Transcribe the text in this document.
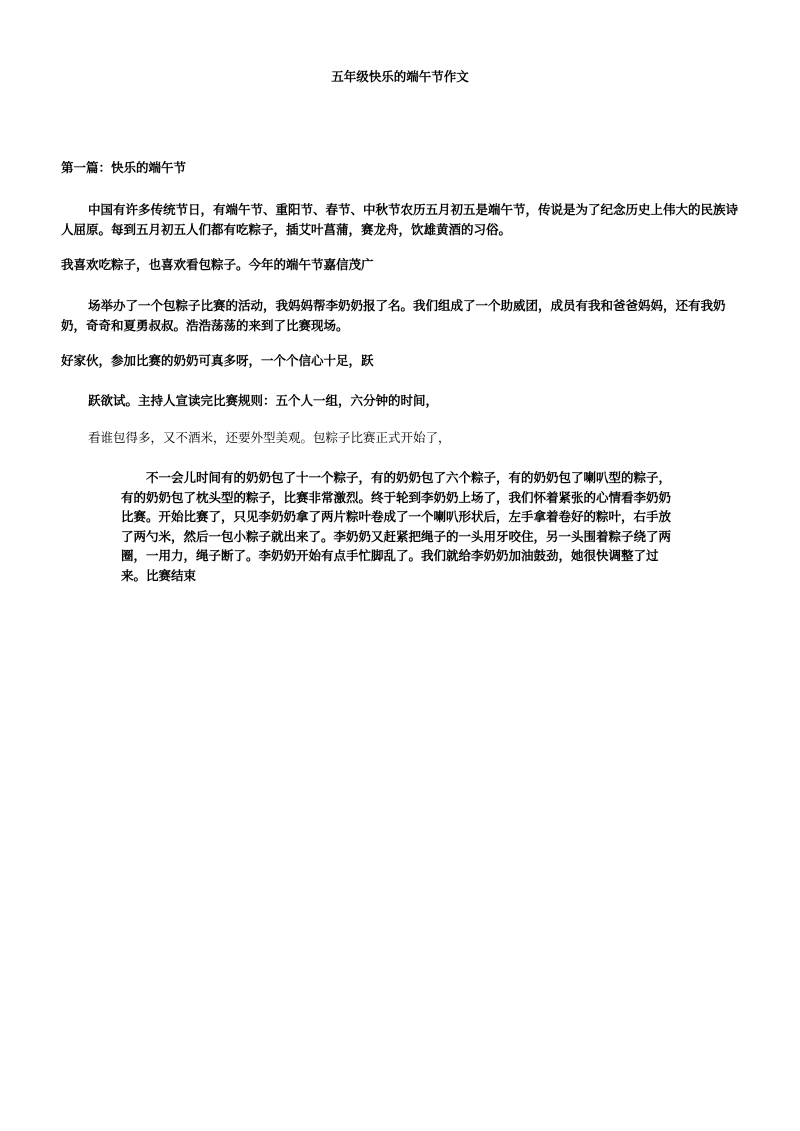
五年级快乐的端午节作文
第一篇：快乐的端午节
中国有许多传统节日，有端午节、重阳节、春节、中秋节农历五月初五是端午节，传说是为了纪念历史上伟大的民族诗人屈原。每到五月初五人们都有吃粽子，插艾叶菖蒲，赛龙舟，饮雄黄酒的习俗。
我喜欢吃粽子，也喜欢看包粽子。今年的端午节嘉信茂广
场举办了一个包粽子比赛的活动，我妈妈帮李奶奶报了名。我们组成了一个助威团，成员有我和爸爸妈妈，还有我奶奶，奇奇和夏勇叔叔。浩浩荡荡的来到了比赛现场。
好家伙，参加比赛的奶奶可真多呀，一个个信心十足，跃
跃欲试。主持人宣读完比赛规则：五个人一组，六分钟的时间，
看谁包得多，又不酒米，还要外型美观。包粽子比赛正式开始了，
不一会儿时间有的奶奶包了十一个粽子，有的奶奶包了六个粽子，有的奶奶包了喇叭型的粽子，有的奶奶包了枕头型的粽子，比赛非常激烈。终于轮到李奶奶上场了，我们怀着紧张的心情看李奶奶比赛。开始比赛了，只见李奶奶拿了两片粽叶卷成了一个喇叭形状后，左手拿着卷好的粽叶，右手放了两勺米，然后一包小粽子就出来了。李奶奶又赶紧把绳子的一头用牙咬住，另一头围着粽子绕了两圈，一用力，绳子断了。李奶奶开始有点手忙脚乱了。我们就给李奶奶加油鼓劲，她很快调整了过来。比赛结束
